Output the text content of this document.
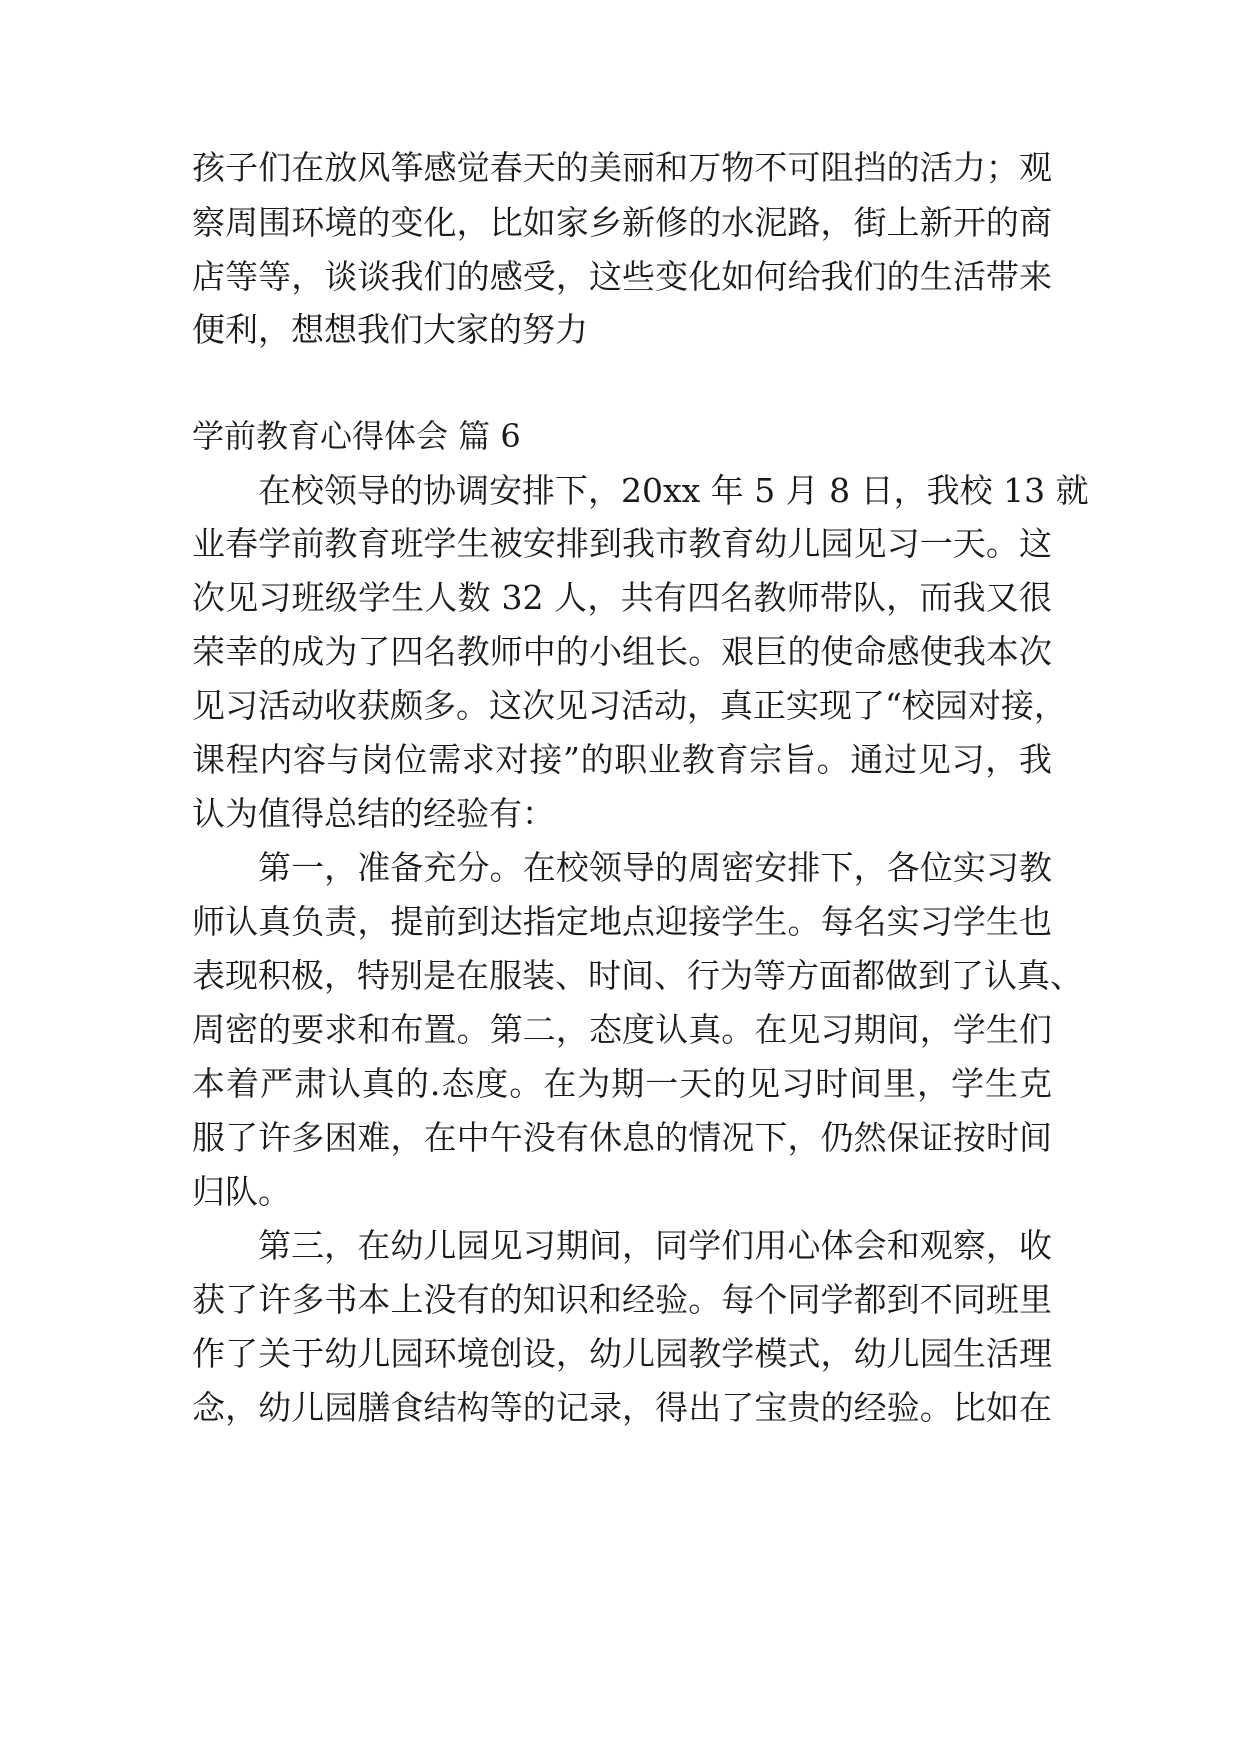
孩子们在放风筝感觉春天的美丽和万物不可阻挡的活力；观
察周围环境的变化，比如家乡新修的水泥路，街上新开的商
店等等，谈谈我们的感受，这些变化如何给我们的生活带来
便利，想想我们大家的努力
学前教育心得体会 篇 6
在校领导的协调安排下，20xx 年 5 月 8 日，我校 13 就
业春学前教育班学生被安排到我市教育幼儿园见习一天。这
次见习班级学生人数 32 人，共有四名教师带队，而我又很
荣幸的成为了四名教师中的小组长。艰巨的使命感使我本次
见习活动收获颇多。这次见习活动，真正实现了“校园对接，
课程内容与岗位需求对接”的职业教育宗旨。通过见习，我
认为值得总结的经验有：
第一，准备充分。在校领导的周密安排下，各位实习教
师认真负责，提前到达指定地点迎接学生。每名实习学生也
表现积极，特别是在服装、时间、行为等方面都做到了认真、
周密的要求和布置。第二，态度认真。在见习期间，学生们
本着严肃认真的.态度。在为期一天的见习时间里，学生克
服了许多困难，在中午没有休息的情况下，仍然保证按时间
归队。
第三，在幼儿园见习期间，同学们用心体会和观察，收
获了许多书本上没有的知识和经验。每个同学都到不同班里
作了关于幼儿园环境创设，幼儿园教学模式，幼儿园生活理
念，幼儿园膳食结构等的记录，得出了宝贵的经验。比如在
